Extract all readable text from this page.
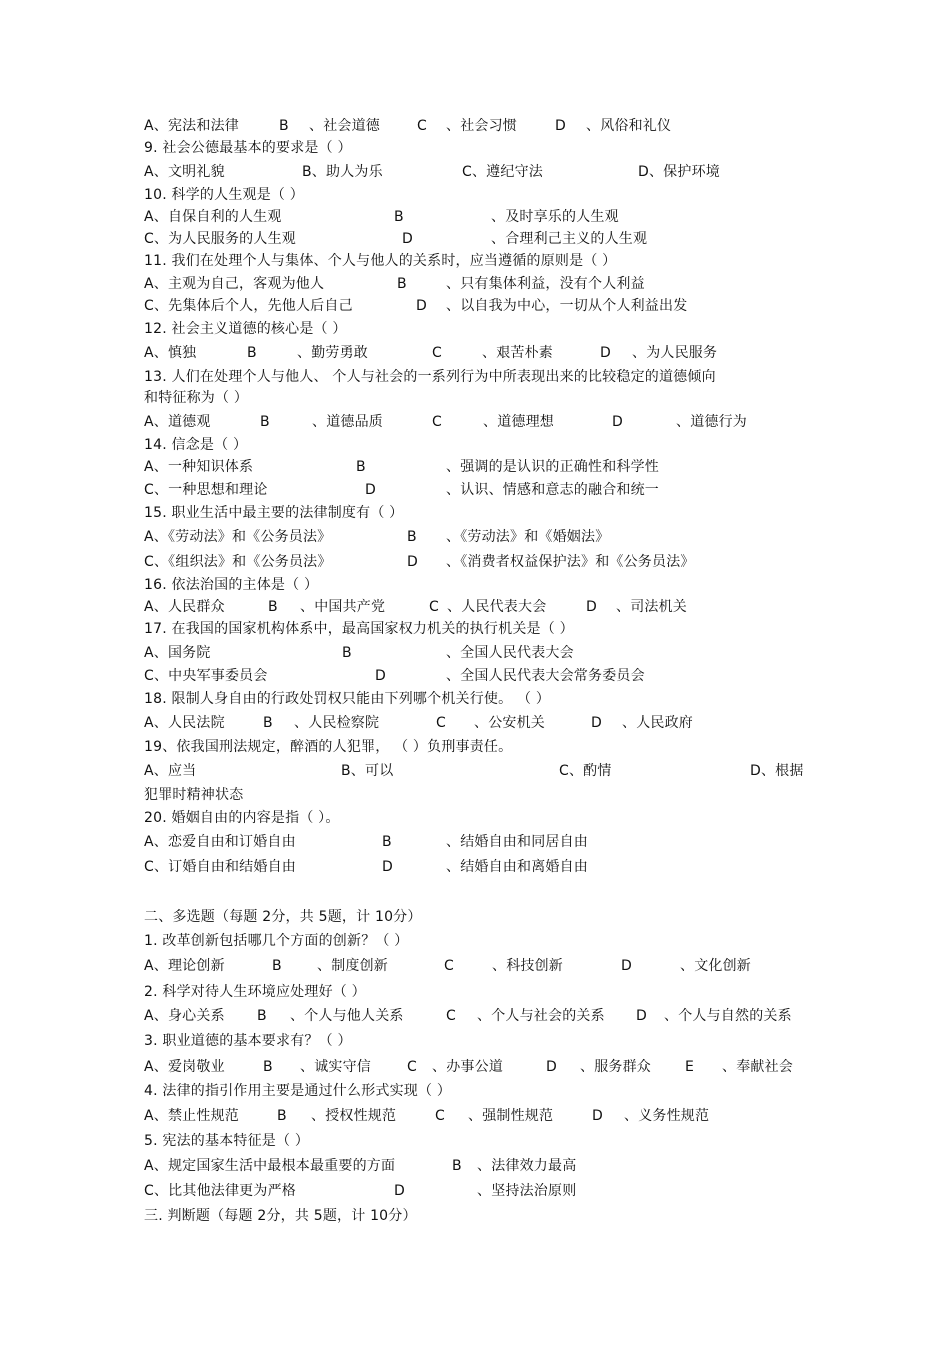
A、宪法和法律	B 、社会道德	C 、社会习惯	D 、风俗和礼仪
9. 社会公德最基本的要求是（ ）
A、文明礼貌	B、助人为乐	C、遵纪守法	D、保护环境
10. 科学的人生观是（ ）
A、自保自利的人生观	B	、及时享乐的人生观
C、为人民服务的人生观	D	、合理利己主义的人生观
11. 我们在处理个人与集体、个人与他人的关系时，应当遵循的原则是（ ）
A、主观为自己，客观为他人	B	、只有集体利益，没有个人利益
C、先集体后个人，先他人后自己	D 、以自我为中心，一切从个人利益出发
12. 社会主义道德的核心是（ ）
A、慎独	B	、勤劳勇敢	C	、艰苦朴素	D 、为人民服务
13. 人们在处理个人与他人、 个人与社会的一系列行为中所表现出来的比较稳定的道德倾向
和特征称为（ ）
A、道德观	B	、道德品质	C	、道德理想	D	、道德行为
14. 信念是（ ）
A、一种知识体系	B	、强调的是认识的正确性和科学性
C、一种思想和理论	D	、认识、情感和意志的融合和统一
15. 职业生活中最主要的法律制度有（ ）
A、《劳动法》和《公务员法》	B 、《劳动法》和《婚姻法》
C、《组织法》和《公务员法》	D 、《消费者权益保护法》和《公务员法》
16. 依法治国的主体是（ ）
A、人民群众	B 、中国共产党	C 、人民代表大会	D 、司法机关
17. 在我国的国家机构体系中，最高国家权力机关的执行机关是（ ）
A、国务院	B	、全国人民代表大会
C、中央军事委员会	D	、全国人民代表大会常务委员会
18. 限制人身自由的行政处罚权只能由下列哪个机关行使。 （ ）
A、人民法院	B 、人民检察院	C 、公安机关	D 、人民政府
19、依我国刑法规定，醉酒的人犯罪， （ ）负刑事责任。
A、应当	B、可以	C、酌情	D、根据
犯罪时精神状态
20. 婚姻自由的内容是指（ ）。
A、恋爱自由和订婚自由	B	、结婚自由和同居自由
C、订婚自由和结婚自由	D	、结婚自由和离婚自由
二、多选题（每题 2分，共 5题，计 10分）
1. 改革创新包括哪几个方面的创新？（ ）
A、理论创新	B	、制度创新	C	、科技创新	D	、文化创新
2. 科学对待人生环境应处理好（ ）
A、身心关系 B 、个人与他人关系	C 、个人与社会的关系 D 、个人与自然的关系
3. 职业道德的基本要求有？（ ）
A、爱岗敬业	B 、诚实守信	C 、办事公道	D 、服务群众 E 、奉献社会
4. 法律的指引作用主要是通过什么形式实现（ ）
A、禁止性规范	B 、授权性规范	C 、强制性规范	D 、义务性规范
5. 宪法的基本特征是（ ）
A、规定国家生活中最根本最重要的方面	B 、法律效力最高
C、比其他法律更为严格	D	、坚持法治原则
三. 判断题（每题 2分，共 5题，计 10分）
